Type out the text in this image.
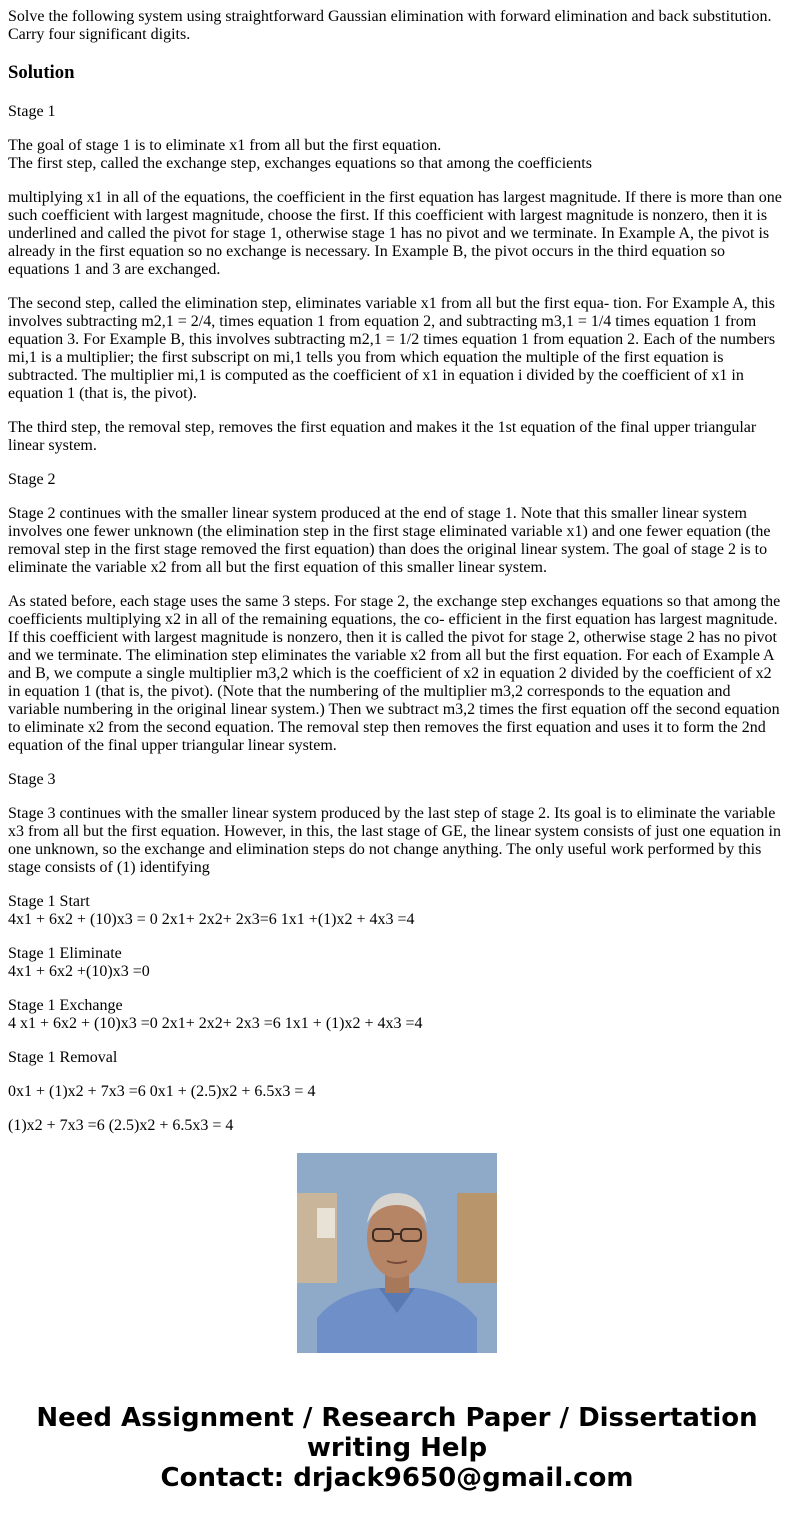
Solve the following system using straightforward Gaussian elimination with forward elimination and back substitution. Carry four significant digits.

Solution

Stage 1

The goal of stage 1 is to eliminate x1 from all but the first equation.
The first step, called the exchange step, exchanges equations so that among the coefficients

multiplying x1 in all of the equations, the coefficient in the first equation has largest magnitude. If there is more than one such coefficient with largest magnitude, choose the first. If this coefficient with largest magnitude is nonzero, then it is underlined and called the pivot for stage 1, otherwise stage 1 has no pivot and we terminate. In Example A, the pivot is already in the first equation so no exchange is necessary. In Example B, the pivot occurs in the third equation so equations 1 and 3 are exchanged.

The second step, called the elimination step, eliminates variable x1 from all but the first equa- tion. For Example A, this involves subtracting m2,1 = 2/4, times equation 1 from equation 2, and subtracting m3,1 = 1/4 times equation 1 from equation 3. For Example B, this involves subtracting m2,1 = 1/2 times equation 1 from equation 2. Each of the numbers mi,1 is a multiplier; the first subscript on mi,1 tells you from which equation the multiple of the first equation is subtracted. The multiplier mi,1 is computed as the coefficient of x1 in equation i divided by the coefficient of x1 in equation 1 (that is, the pivot).

The third step, the removal step, removes the first equation and makes it the 1st equation of the final upper triangular linear system.

Stage 2

Stage 2 continues with the smaller linear system produced at the end of stage 1. Note that this smaller linear system involves one fewer unknown (the elimination step in the first stage eliminated variable x1) and one fewer equation (the removal step in the first stage removed the first equation) than does the original linear system. The goal of stage 2 is to eliminate the variable x2 from all but the first equation of this smaller linear system.

As stated before, each stage uses the same 3 steps. For stage 2, the exchange step exchanges equations so that among the coefficients multiplying x2 in all of the remaining equations, the co- efficient in the first equation has largest magnitude. If this coefficient with largest magnitude is nonzero, then it is called the pivot for stage 2, otherwise stage 2 has no pivot and we terminate. The elimination step eliminates the variable x2 from all but the first equation. For each of Example A and B, we compute a single multiplier m3,2 which is the coefficient of x2 in equation 2 divided by the coefficient of x2 in equation 1 (that is, the pivot). (Note that the numbering of the multiplier m3,2 corresponds to the equation and variable numbering in the original linear system.) Then we subtract m3,2 times the first equation off the second equation to eliminate x2 from the second equation. The removal step then removes the first equation and uses it to form the 2nd equation of the final upper triangular linear system.

Stage 3

Stage 3 continues with the smaller linear system produced by the last step of stage 2. Its goal is to eliminate the variable x3 from all but the first equation. However, in this, the last stage of GE, the linear system consists of just one equation in one unknown, so the exchange and elimination steps do not change anything. The only useful work performed by this stage consists of (1) identifying

Stage 1 Start
4x1 + 6x2 + (10)x3 = 0 2x1+ 2x2+ 2x3=6 1x1 +(1)x2 + 4x3 =4

Stage 1 Eliminate
4x1 + 6x2 +(10)x3 =0

Stage 1 Exchange
4 x1 + 6x2 + (10)x3 =0 2x1+ 2x2+ 2x3 =6 1x1 + (1)x2 + 4x3 =4

Stage 1 Removal

0x1 + (1)x2 + 7x3 =6 0x1 + (2.5)x2 + 6.5x3 = 4

(1)x2 + 7x3 =6 (2.5)x2 + 6.5x3 = 4

Need Assignment / Research Paper / Dissertation
writing Help
Contact: drjack9650@gmail.com
